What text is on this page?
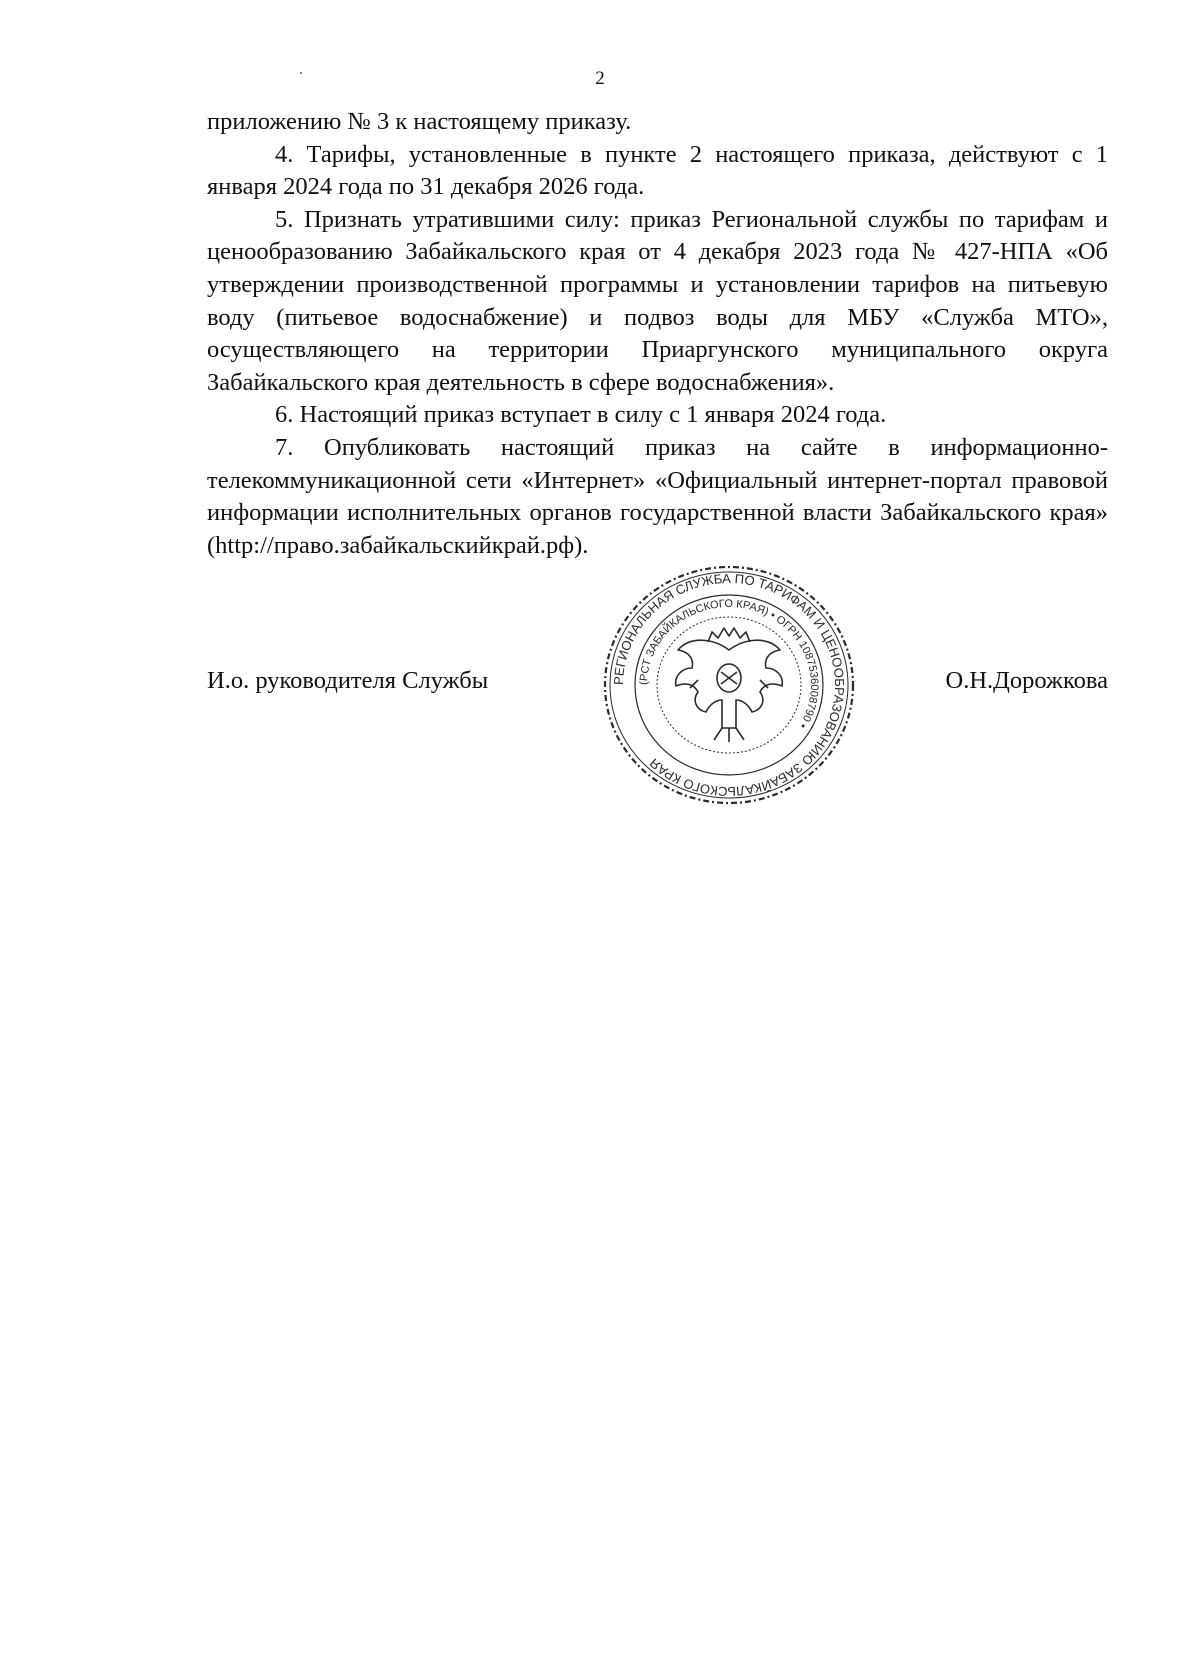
2

приложению № 3 к настоящему приказу.

4. Тарифы, установленные в пункте 2 настоящего приказа, действуют с 1 января 2024 года по 31 декабря 2026 года.

5. Признать утратившими силу: приказ Региональной службы по тарифам и ценообразованию Забайкальского края от 4 декабря 2023 года № 427-НПА «Об утверждении производственной программы и установлении тарифов на питьевую воду (питьевое водоснабжение) и подвоз воды для МБУ «Служба МТО», осуществляющего на территории Приаргунского муниципального округа Забайкальского края деятельность в сфере водоснабжения».

6. Настоящий приказ вступает в силу с 1 января 2024 года.

7. Опубликовать настоящий приказ на сайте в информационно-телекоммуникационной сети «Интернет» «Официальный интернет-портал правовой информации исполнительных органов государственной власти Забайкальского края» (http://право.забайкальскийкрай.рф).

И.о. руководителя Службы	О.Н.Дорожкова
РЕГИОНАЛЬНАЯ СЛУЖБА ПО ТАРИФАМ И ЦЕНООБРАЗОВАНИЮ ЗАБАЙКАЛЬСКОГО КРАЯ
(РСТ ЗАБАЙКАЛЬСКОГО КРАЯ) • ОГРН 1087536008790 •
